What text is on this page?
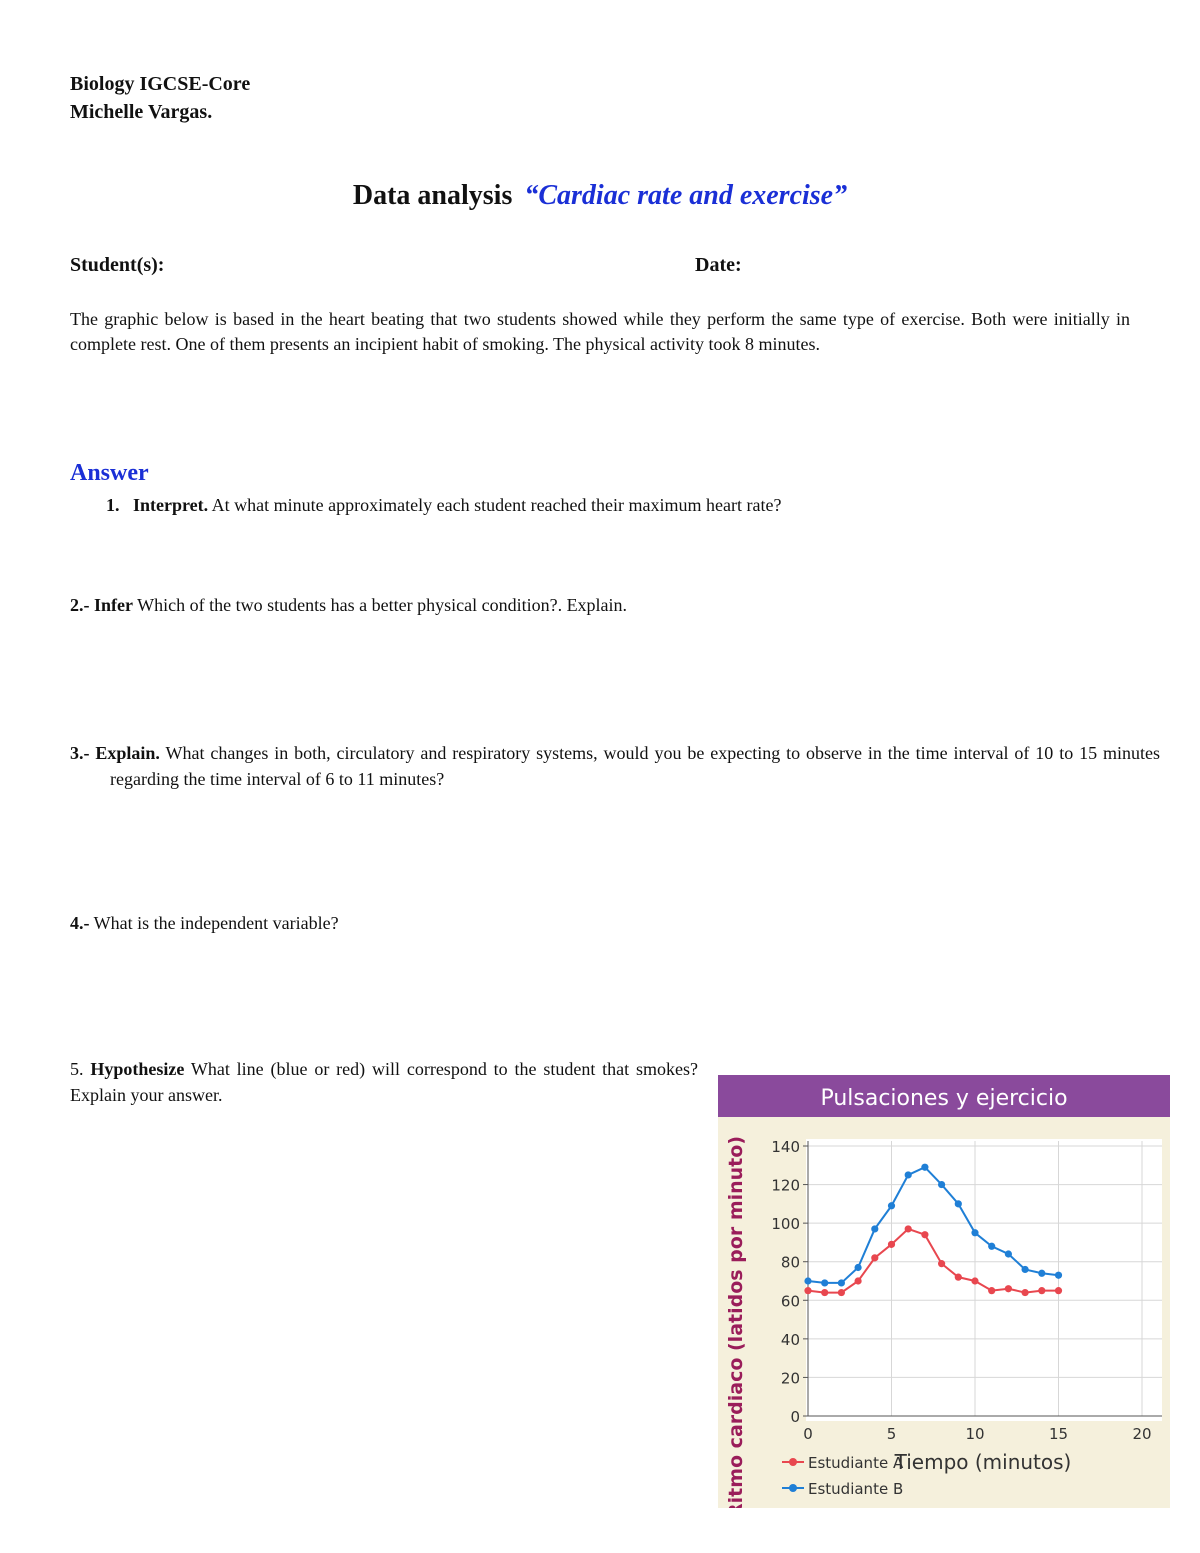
Biology IGCSE-Core
Michelle Vargas.
Data analysis “Cardiac rate and exercise”
Student(s):	Date:
The graphic below is based in the heart beating that two students showed while they perform the same type of exercise. Both were initially in complete rest. One of them presents an incipient habit of smoking. The physical activity took 8 minutes.
Answer
1. Interpret. At what minute approximately each student reached their maximum heart rate?
2.- Infer Which of the two students has a better physical condition?. Explain.
3.- Explain. What changes in both, circulatory and respiratory systems, would you be expecting to observe in the time interval of 10 to 15 minutes regarding the time interval of 6 to 11 minutes?
4.- What is the independent variable?
5. Hypothesize What line (blue or red) will correspond to the student that smokes? Explain your answer.	Pulsaciones y ejercicio
0
20
40
60
80
100
120
140
0	5	10	15	20
Ritmo cardiaco (latidos por minuto)	Tiempo (minutos)
Estudiante A
Estudiante B
